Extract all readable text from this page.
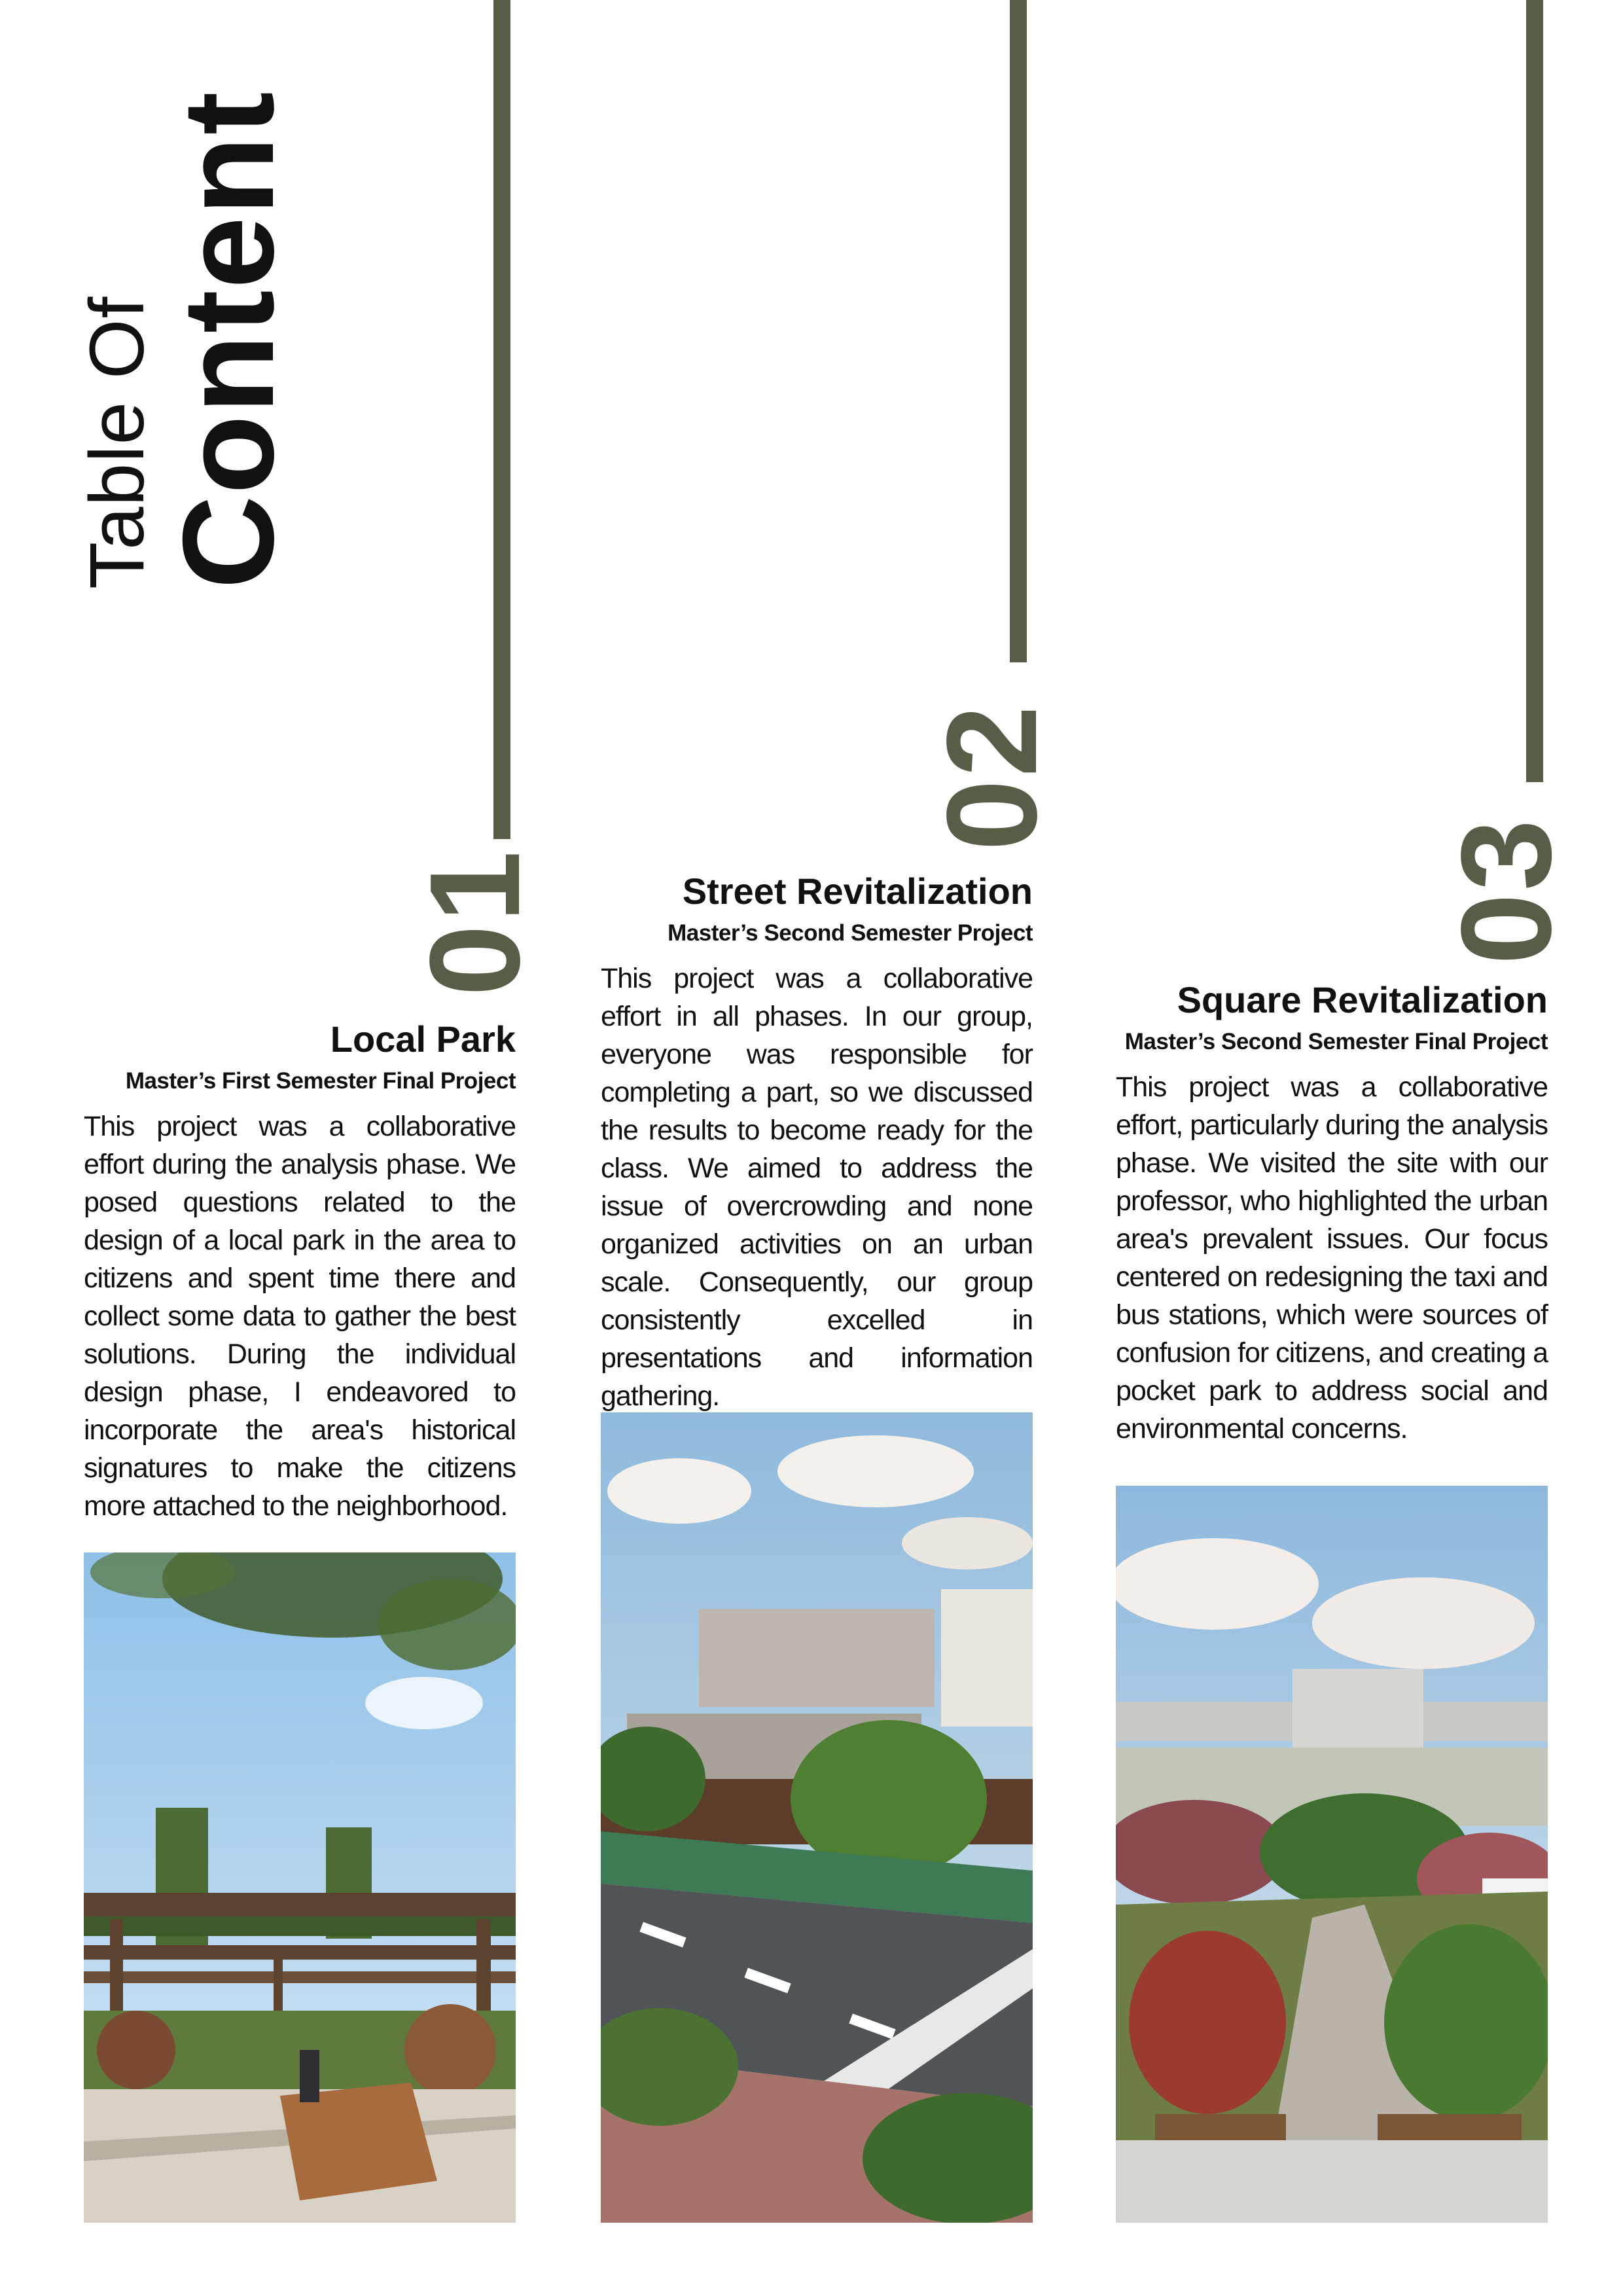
Table Of
Content
01
02
03
Local Park
Master’s First Semester Final Project

This project was a collaborative effort during the analysis phase. We posed questions related to the design of a local park in the area to citizens and spent time there and collect some data to gather the best solutions. During the individual design phase, I endeavored to incorporate the area's historical signatures to make the citizens more attached to the neighborhood.

Street Revitalization
Master’s Second Semester Project

This project was a collaborative effort in all phases. In our group, everyone was responsible for completing a part, so we discussed the results to become ready for the class. We aimed to address the issue of overcrowding and none organized activities on an urban scale. Consequently, our group consistently excelled in presentations and information gathering.

Square Revitalization
Master’s Second Semester Final Project

This project was a collaborative effort, particularly during the analysis phase. We visited the site with our professor, who highlighted the urban area's prevalent issues. Our focus centered on redesigning the taxi and bus stations, which were sources of confusion for citizens, and creating a pocket park to address social and environmental concerns.
